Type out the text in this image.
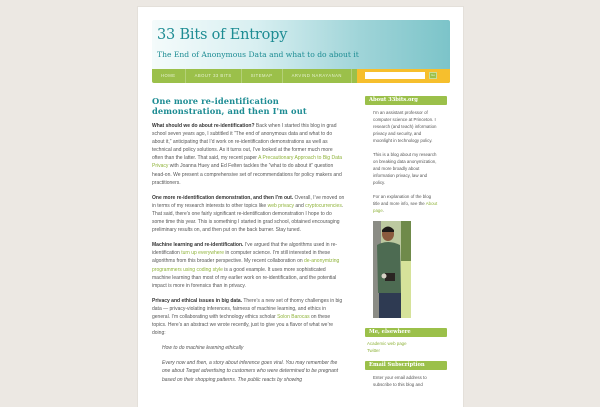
33 Bits of Entropy
The End of Anonymous Data and what to do about it
HOME	ABOUT 33 BITS	SITEMAP	ARVIND NARAYANAN	Go
One more re-identification demonstration, and then I'm out

What should we do about re-identification? Back when I started this blog in grad school seven years ago, I subtitled it “The end of anonymous data and what to do about it,” anticipating that I’d work on re-identification demonstrations as well as technical and policy solutions. As it turns out, I’ve looked at the former much more often than the latter. That said, my recent paper A Precautionary Approach to Big Data Privacy with Joanna Huey and Ed Felten tackles the “what to do about it” question head-on. We present a comprehensive set of recommendations for policy makers and practitioners.

One more re-identification demonstration, and then I’m out. Overall, I’ve moved on in terms of my research interests to other topics like web privacy and cryptocurrencies. That said, there’s one fairly significant re-identification demonstration I hope to do some time this year. This is something I started in grad school, obtained encouraging preliminary results on, and then put on the back burner. Stay tuned.

Machine learning and re-identification. I’ve argued that the algorithms used in re-identification turn up everywhere in computer science. I’m still interested in these algorithms from this broader perspective. My recent collaboration on de-anonymizing programmers using coding style is a good example. It uses more sophisticated machine learning than most of my earlier work on re-identification, and the potential impact is more in forensics than in privacy.

Privacy and ethical issues in big data. There’s a new set of thorny challenges in big data — privacy-violating inferences, fairness of machine learning, and ethics in general. I’m collaborating with technology ethics scholar Solon Barocas on these topics. Here’s an abstract we wrote recently, just to give you a flavor of what we’re doing:

How to do machine learning ethically

Every now and then, a story about inference goes viral. You may remember the one about Target advertising to customers who were determined to be pregnant based on their shopping patterns. The public reacts by showing

About 33bits.org

I'm an assistant professor of computer science at Princeton. I research (and teach) information privacy and security, and moonlight in technology policy.

This is a blog about my research on breaking data anonymization, and more broadly about information privacy, law and policy.

For an explanation of the blog title and more info, see the About page.

Me, elsewhere
Academic web page
Twitter
Email Subscription

Enter your email address to subscribe to this blog and
